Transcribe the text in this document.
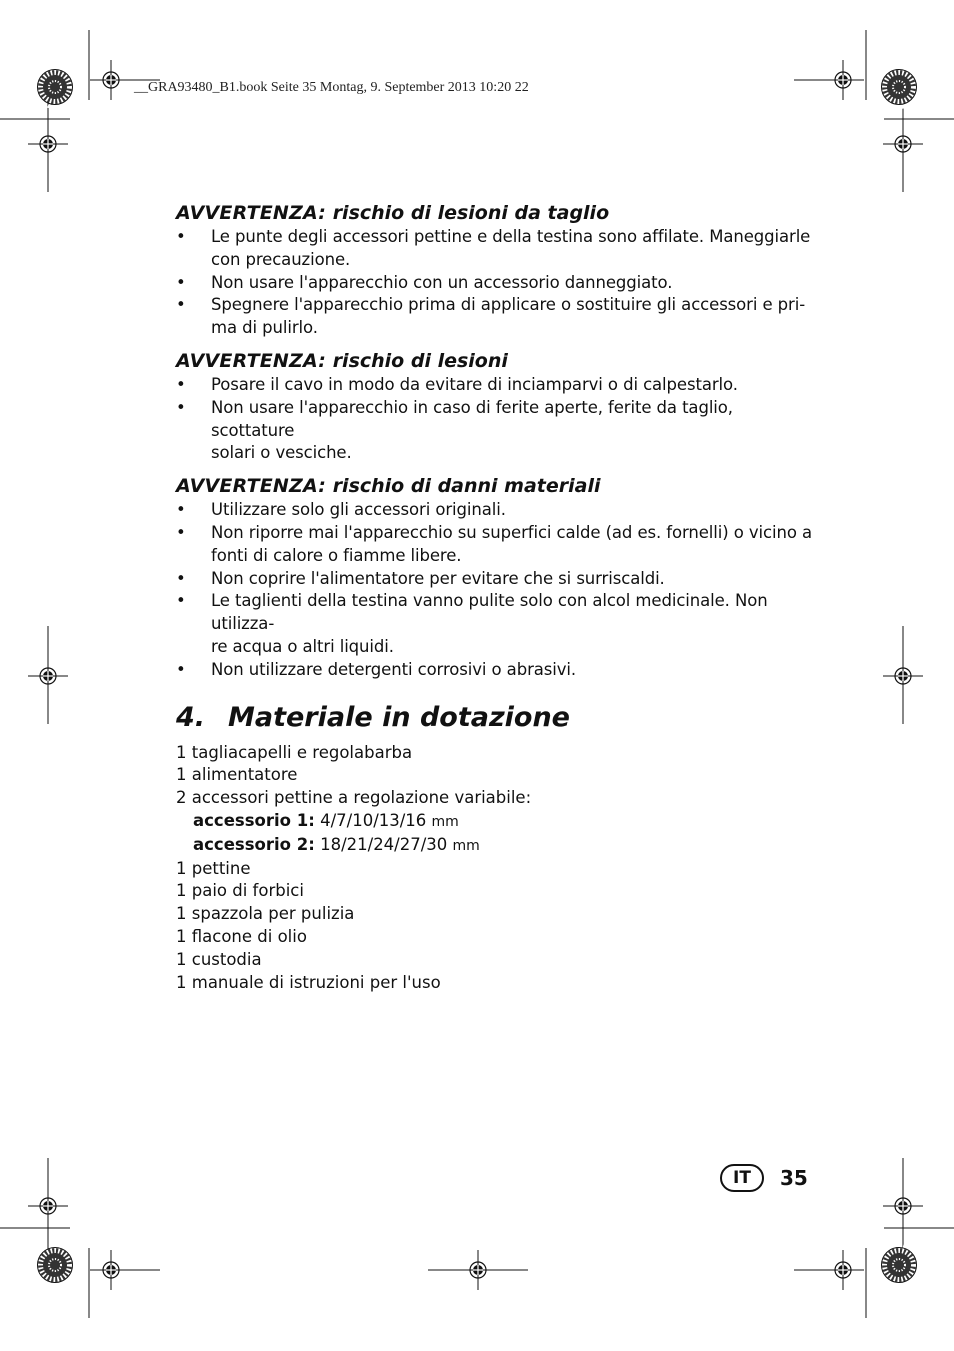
__GRA93480_B1.book Seite 35 Montag, 9. September 2013 10:20 22
AVVERTENZA: rischio di lesioni da taglio
• Le punte degli accessori pettine e della testina sono affilate. Maneggiarle
con precauzione.
• Non usare l'apparecchio con un accessorio danneggiato.
• Spegnere l'apparecchio prima di applicare o sostituire gli accessori e pri-
ma di pulirlo.
AVVERTENZA: rischio di lesioni
• Posare il cavo in modo da evitare di inciamparvi o di calpestarlo.
• Non usare l'apparecchio in caso di ferite aperte, ferite da taglio, scottature
solari o vesciche.
AVVERTENZA: rischio di danni materiali
• Utilizzare solo gli accessori originali.
• Non riporre mai l'apparecchio su superfici calde (ad es. fornelli) o vicino a
fonti di calore o fiamme libere.
• Non coprire l'alimentatore per evitare che si surriscaldi.
• Le taglienti della testina vanno pulite solo con alcol medicinale. Non utilizza-
re acqua o altri liquidi.
• Non utilizzare detergenti corrosivi o abrasivi.
4. Materiale in dotazione
1 tagliacapelli e regolabarba
1 alimentatore
2 accessori pettine a regolazione variabile:
accessorio 1: 4/7/10/13/16 mm
accessorio 2: 18/21/24/27/30 mm
1 pettine
1 paio di forbici
1 spazzola per pulizia
1 flacone di olio
1 custodia
1 manuale di istruzioni per l'uso
IT	35
